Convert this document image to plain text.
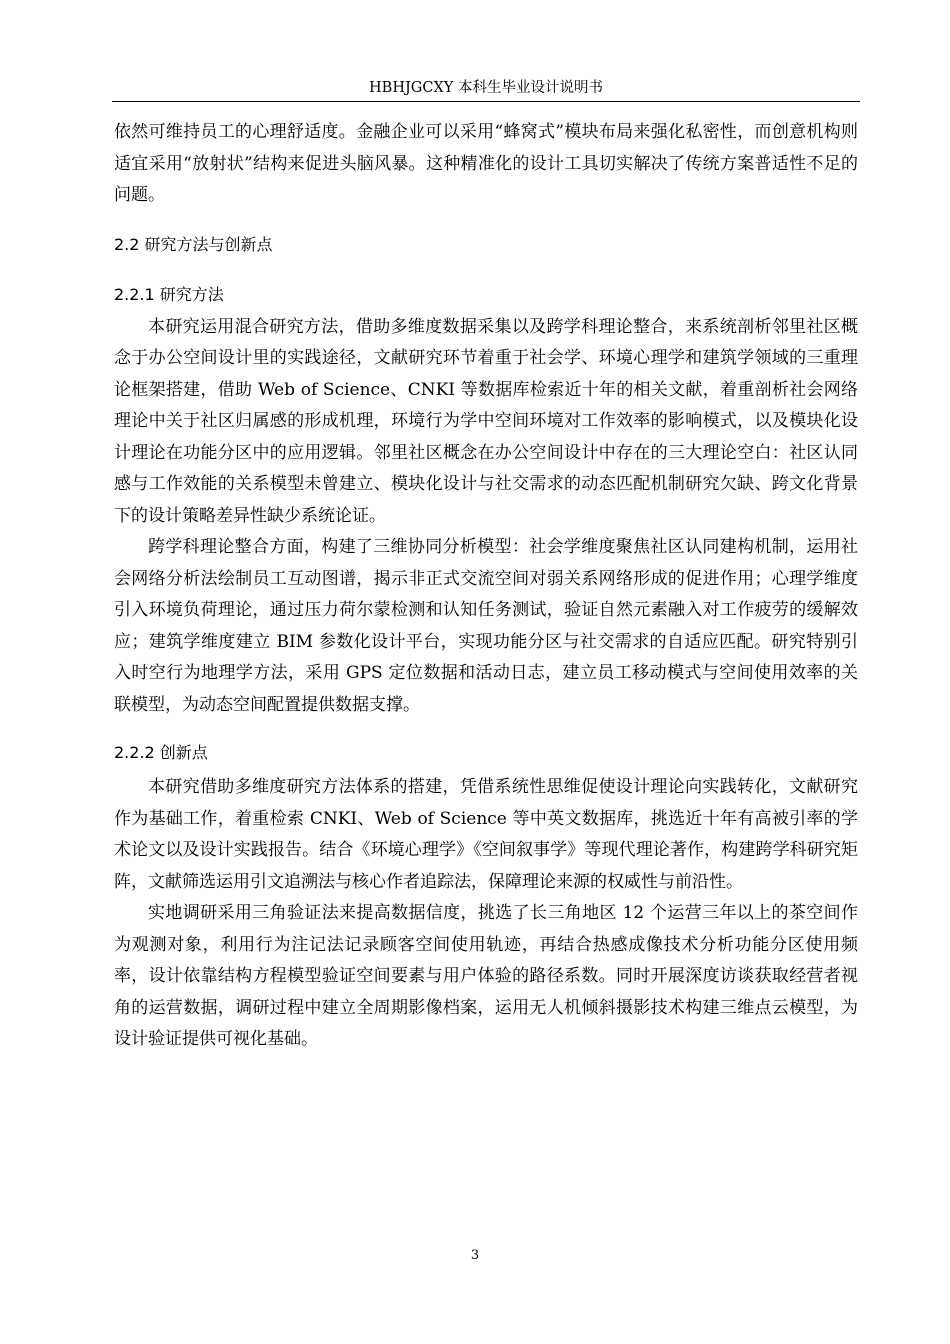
HBHJGCXY 本科生毕业设计说明书

依然可维持员工的心理舒适度。金融企业可以采用“蜂窝式”模块布局来强化私密性，而创意机构则适宜采用“放射状”结构来促进头脑风暴。这种精准化的设计工具切实解决了传统方案普适性不足的问题。

2.2 研究方法与创新点

2.2.1 研究方法

本研究运用混合研究方法，借助多维度数据采集以及跨学科理论整合，来系统剖析邻里社区概念于办公空间设计里的实践途径，文献研究环节着重于社会学、环境心理学和建筑学领域的三重理论框架搭建，借助 Web of Science、CNKI 等数据库检索近十年的相关文献，着重剖析社会网络理论中关于社区归属感的形成机理，环境行为学中空间环境对工作效率的影响模式，以及模块化设计理论在功能分区中的应用逻辑。邻里社区概念在办公空间设计中存在的三大理论空白：社区认同感与工作效能的关系模型未曾建立、模块化设计与社交需求的动态匹配机制研究欠缺、跨文化背景下的设计策略差异性缺少系统论证。

跨学科理论整合方面，构建了三维协同分析模型：社会学维度聚焦社区认同建构机制，运用社会网络分析法绘制员工互动图谱，揭示非正式交流空间对弱关系网络形成的促进作用；心理学维度引入环境负荷理论，通过压力荷尔蒙检测和认知任务测试，验证自然元素融入对工作疲劳的缓解效应；建筑学维度建立 BIM 参数化设计平台，实现功能分区与社交需求的自适应匹配。研究特别引入时空行为地理学方法，采用 GPS 定位数据和活动日志，建立员工移动模式与空间使用效率的关联模型，为动态空间配置提供数据支撑。

2.2.2 创新点

本研究借助多维度研究方法体系的搭建，凭借系统性思维促使设计理论向实践转化，文献研究作为基础工作，着重检索 CNKI、Web of Science 等中英文数据库，挑选近十年有高被引率的学术论文以及设计实践报告。结合《环境心理学》《空间叙事学》等现代理论著作，构建跨学科研究矩阵，文献筛选运用引文追溯法与核心作者追踪法，保障理论来源的权威性与前沿性。

实地调研采用三角验证法来提高数据信度，挑选了长三角地区 12 个运营三年以上的茶空间作为观测对象，利用行为注记法记录顾客空间使用轨迹，再结合热感成像技术分析功能分区使用频率，设计依靠结构方程模型验证空间要素与用户体验的路径系数。同时开展深度访谈获取经营者视角的运营数据，调研过程中建立全周期影像档案，运用无人机倾斜摄影技术构建三维点云模型，为设计验证提供可视化基础。

3
